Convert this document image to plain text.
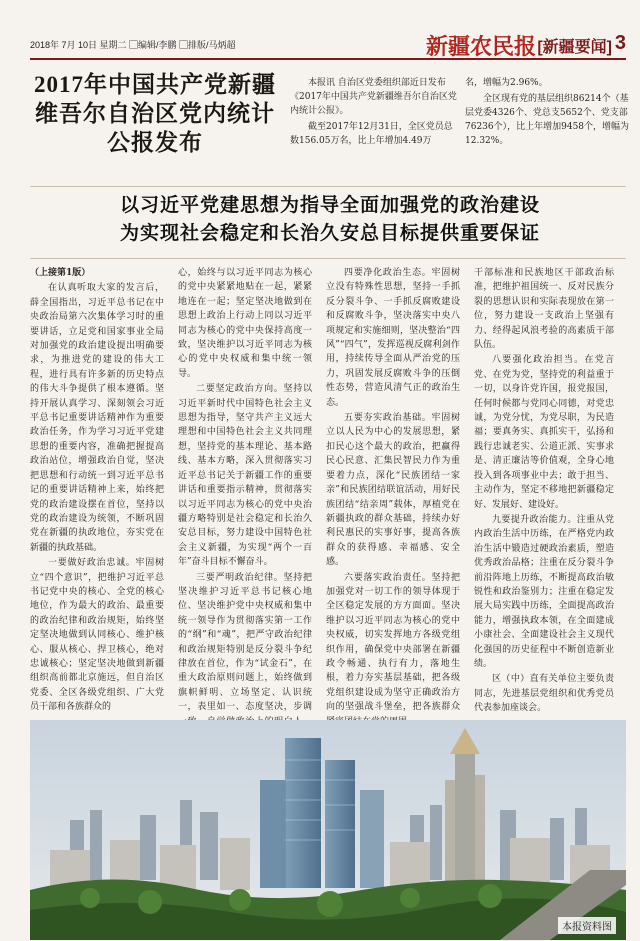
2018年 7月 10日 星期二 ▢编辑/李鹏 ▢排版/马炳超	新疆农民报 [新疆要闻] 3
2017年中国共产党新疆维吾尔自治区党内统计公报发布

本报讯 自治区党委组织部近日发布《2017年中国共产党新疆维吾尔自治区党内统计公报》。

截至2017年12月31日，全区党员总数156.05万名，比上年增加4.49万

名，增幅为2.96%。

全区现有党的基层组织86214个（基层党委4326个、党总支5652个、党支部76236个），比上年增加9458个，增幅为12.32%。

以习近平党建思想为指导全面加强党的政治建设
为实现社会稳定和长治久安总目标提供重要保证

（上接第1版）

在认真听取大家的发言后，薛全国指出，习近平总书记在中央政治局第六次集体学习时的重要讲话，立足党和国家事业全局对加强党的政治建设提出明确要求，为推进党的建设的伟大工程，进行具有许多新的历史特点的伟大斗争提供了根本遵循。坚持开展认真学习、深刻领会习近平总书记重要讲话精神作为重要政治任务，作为学习习近平党建思想的重要内容，准确把握提高政治站位，增强政治自觉，坚决把思想和行动统一到习近平总书记的重要讲话精神上来，始终把党的政治建设摆在首位，坚持以党的政治建设为统领，不断巩固党在新疆的执政地位，夯实党在新疆的执政基础。

一要做好政治忠诚。牢固树立“四个意识”，把维护习近平总书记党中央的核心、全党的核心地位，作为最大的政治、最重要的政治纪律和政治规矩，始终坚定坚决地做到认同核心、维护核心、服从核心、捍卫核心，绝对忠诚核心；坚定坚决地做到新疆组织高前都北京施远，但自治区党委、全区各级党组织、广大党员干部和各族群众的

心，始终与以习近平同志为核心的党中央紧紧地贴在一起，紧紧地连在一起；坚定坚决地做到在思想上政治上行动上同以习近平同志为核心的党中央保持高度一致，坚决维护以习近平同志为核心的党中央权威和集中统一领导。

二要坚定政治方向。坚持以习近平新时代中国特色社会主义思想为指导，坚守共产主义远大理想和中国特色社会主义共同理想，坚持党的基本理论、基本路线、基本方略，深入贯彻落实习近平总书记关于新疆工作的重要讲话和重要指示精神，贯彻落实以习近平同志为核心的党中央治疆方略特别是社会稳定和长治久安总目标，努力建设中国特色社会主义新疆，为实现“两个一百年”奋斗目标不懈奋斗。

三要严明政治纪律。坚持把坚决维护习近平总书记核心地位、坚决维护党中央权威和集中统一领导作为贯彻落实第一工作的“纲”和“魂”，把严守政治纪律和政治规矩特别是反分裂斗争纪律放在首位，作为“试金石”，在重大政治原则问题上，始终做到旗帜鲜明、立场坚定、认识统一，表里如一、态度坚决，步调

四要净化政治生态。牢固树立没有特殊性思想，坚持一手抓反分裂斗争、一手抓反腐败建设和反腐败斗争，坚决落实中央八项规定和实施细则，坚决整治“四风”“四气”，发挥巡视反腐利剑作用，持续传导全面从严治党的压力，巩固发展反腐败斗争的压倒性态势，营造风清气正的政治生态。

五要夯实政治基础。牢固树立以人民为中心的发展思想，紧扣民心这个最大的政治，把赢得民心民意、汇集民智民力作为重要着力点，深化“民族团结一家亲”和民族团结联谊活动，用好民族团结“结亲周”载体，厚植党在新疆执政的群众基础，持续办好利民惠民的实事好事，提高各族群众的获得感、幸福感、安全感。

六要落实政治责任。坚持把加强党对一切工作的领导体现于全区稳定发展的方方面面。坚决维护以习近平同志为核心的党中央权威，切实发挥地方各级党组织作用，确保党中央部署在新疆政令畅通、执行有力，落地生根，着力夯实基层基础，把各级党组织建设成为坚守正确政治方向的坚强战斗堡垒，把各族群众

干部标准和民族地区干部政治标准，把维护祖国统一、反对民族分裂的思想认识和实际表现放在第一位，努力建设一支政治上坚强有力、经得起风浪考验的高素质干部队伍。

八要强化政治担当。在党言党、在党为党，坚持党的利益重于一切，以身许党许国，报党报国，任何时候都与党同心同德，对党忠诚，为党分忧，为党尽职，为民造福；要真务实、真抓实干，弘扬和践行忠诚老实、公道正派、实事求是、清正廉洁等价值观，全身心地投入到各项事业中去；敢于担当、主动作为，坚定不移地把新疆稳定好、发展好、建设好。

九要提升政治能力。注重从党内政治生活中历练，在严格党内政治生活中锻造过硬政治素质，塑造优秀政治品格；注重在反分裂斗争前沿阵地上历练，不断提高政治敏锐性和政治鉴别力；注重在稳定发展大局实践中历练，全面提高政治能力，增强执政本领，在全面建成小康社会、全面建设社会主义现代化强国的历史征程中不断创造新业绩。

区（中）直有关单位主要负责同志，先进基层党组织和优秀党员代表参加座谈会。

本报资料图
